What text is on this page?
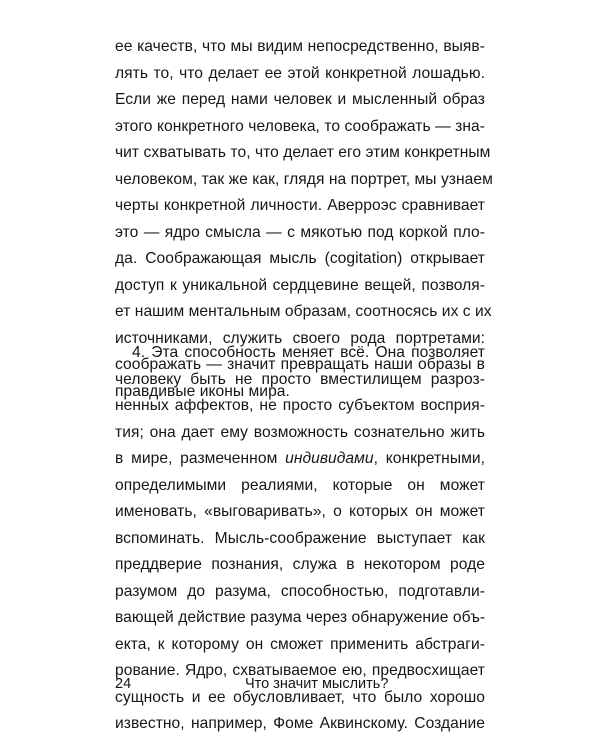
ее качеств, что мы видим непосредственно, выяв-
лять то, что делает ее этой конкретной лошадью.
Если же перед нами человек и мысленный образ
этого конкретного человека, то соображать — зна-
чит схватывать то, что делает его этим конкретным
человеком, так же как, глядя на портрет, мы узнаем
черты конкретной личности. Аверроэс сравнивает
это — ядро смысла — с мякотью под коркой пло-
да. Соображающая мысль (cogitation) открывает
доступ к уникальной сердцевине вещей, позволя-
ет нашим ментальным образам, соотносясь их с их
источниками, служить своего рода портретами:
соображать — значит превращать наши образы в
правдивые иконы мира.
4. Эта способность меняет всё. Она позволяет
человеку быть не просто вместилищем разроз-
ненных аффектов, не просто субъектом восприя-
тия; она дает ему возможность сознательно жить
в мире, размеченном индивидами, конкретными,
определимыми реалиями, которые он может
именовать, «выговаривать», о которых он может
вспоминать. Мысль-соображение выступает как
преддверие познания, служа в некотором роде
разумом до разума, способностью, подготавли-
вающей действие разума через обнаружение объ-
екта, к которому он сможет применить абстраги-
рование. Ядро, схватываемое ею, предвосхищает
сущность и ее обусловливает, что было хорошо
известно, например, Фоме Аквинскому. Создание
24	Что значит мыслить?
